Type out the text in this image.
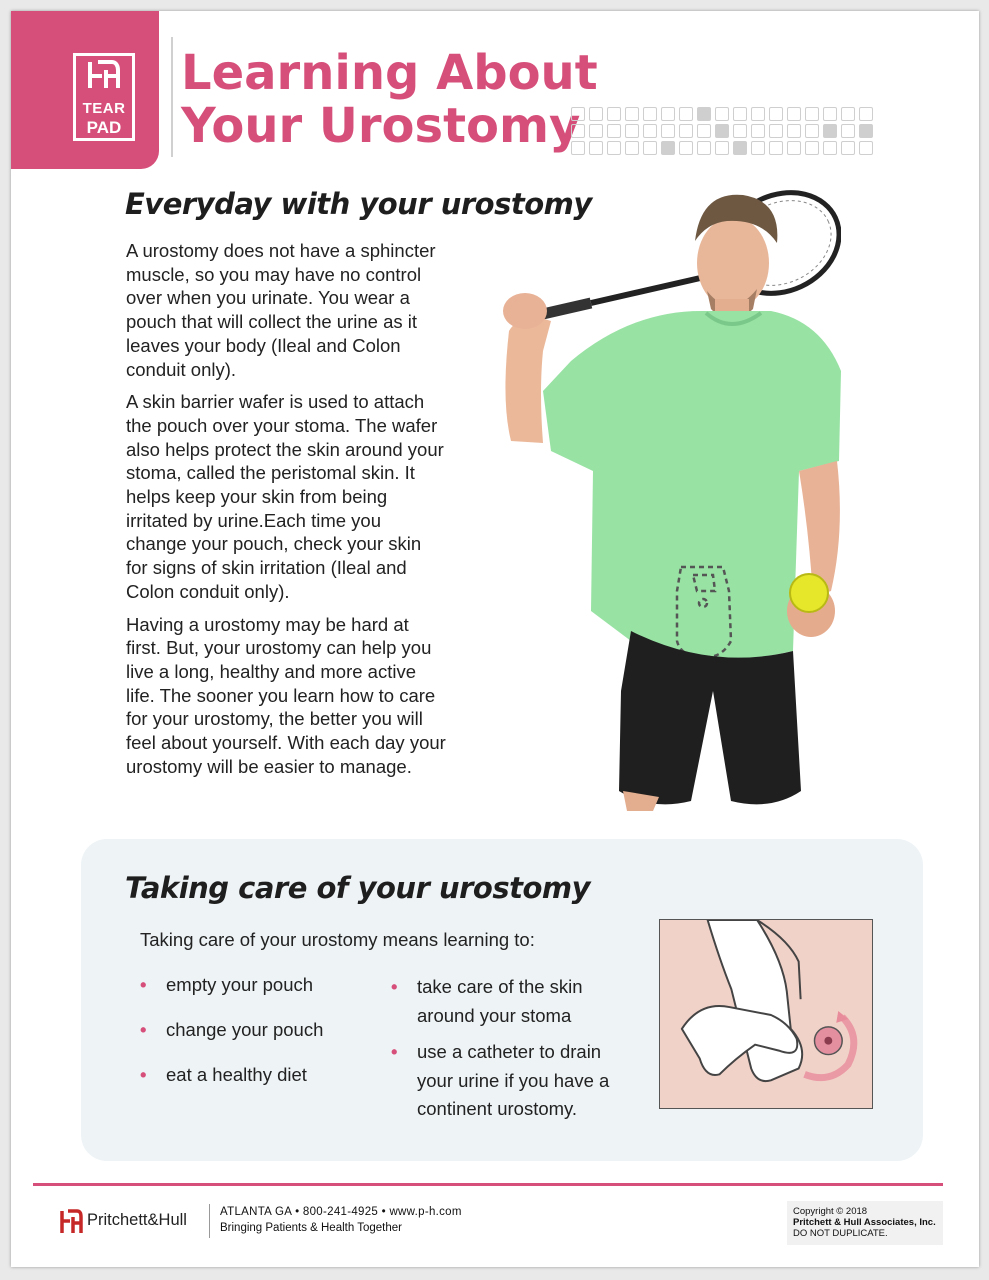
TEAR
PAD
Learning About
Your Urostomy
Everyday with your urostomy

A urostomy does not have a sphincter muscle, so you may have no control over when you urinate. You wear a pouch that will collect the urine as it leaves your body (Ileal and Colon conduit only).

A skin barrier wafer is used to attach the pouch over your stoma. The wafer also helps protect the skin around your stoma, called the peristomal skin. It helps keep your skin from being irritated by urine.Each time you change your pouch, check your skin for signs of skin irritation (Ileal and Colon conduit only).

Having a urostomy may be hard at first. But, your urostomy can help you live a long, healthy and more active life. The sooner you learn how to care for your urostomy, the better you will feel about yourself. With each day your urostomy will be easier to manage.

Taking care of your urostomy
Taking care of your urostomy means learning to:
• empty your pouch
• change your pouch
• eat a healthy diet
• take care of the skin around your stoma
• use a catheter to drain your urine if you have a continent urostomy.
Pritchett&Hull	ATLANTA GA • 800-241-4925 • www.p-h.com
Bringing Patients & Health Together
Copyright © 2018
Pritchett & Hull Associates, Inc.
DO NOT DUPLICATE.
